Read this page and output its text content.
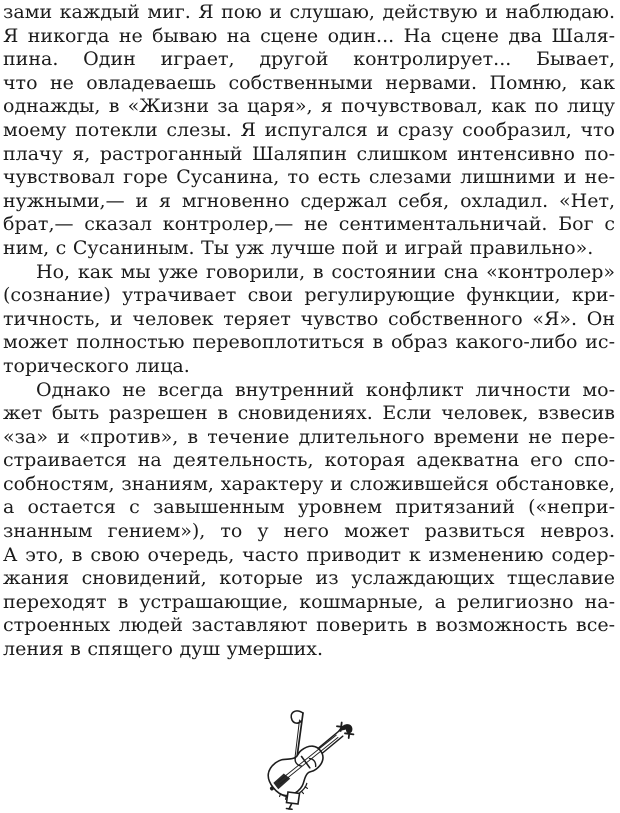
зами каждый миг. Я пою и слушаю, действую и наблюдаю.
Я никогда не бываю на сцене один... На сцене два Шаля-
пина. Один играет, другой контролирует... Бывает,
что не овладеваешь собственными нервами. Помню, как
однажды, в «Жизни за царя», я почувствовал, как по лицу
моему потекли слезы. Я испугался и сразу сообразил, что
плачу я, растроганный Шаляпин слишком интенсивно по-
чувствовал горе Сусанина, то есть слезами лишними и не-
нужными,— и я мгновенно сдержал себя, охладил. «Нет,
брат,— сказал контролер,— не сентиментальничай. Бог с
ним, с Сусаниным. Ты уж лучше пой и играй правильно».
Но, как мы уже говорили, в состоянии сна «контролер»
(сознание) утрачивает свои регулирующие функции, кри-
тичность, и человек теряет чувство собственного «Я». Он
может полностью перевоплотиться в образ какого-либо ис-
торического лица.
Однако не всегда внутренний конфликт личности мо-
жет быть разрешен в сновидениях. Если человек, взвесив
«за» и «против», в течение длительного времени не пере-
страивается на деятельность, которая адекватна его спо-
собностям, знаниям, характеру и сложившейся обстановке,
а остается с завышенным уровнем притязаний («непри-
знанным гением»), то у него может развиться невроз.
А это, в свою очередь, часто приводит к изменению содер-
жания сновидений, которые из услаждающих тщеславие
переходят в устрашающие, кошмарные, а религиозно на-
строенных людей заставляют поверить в возможность все-
ления в спящего душ умерших.
